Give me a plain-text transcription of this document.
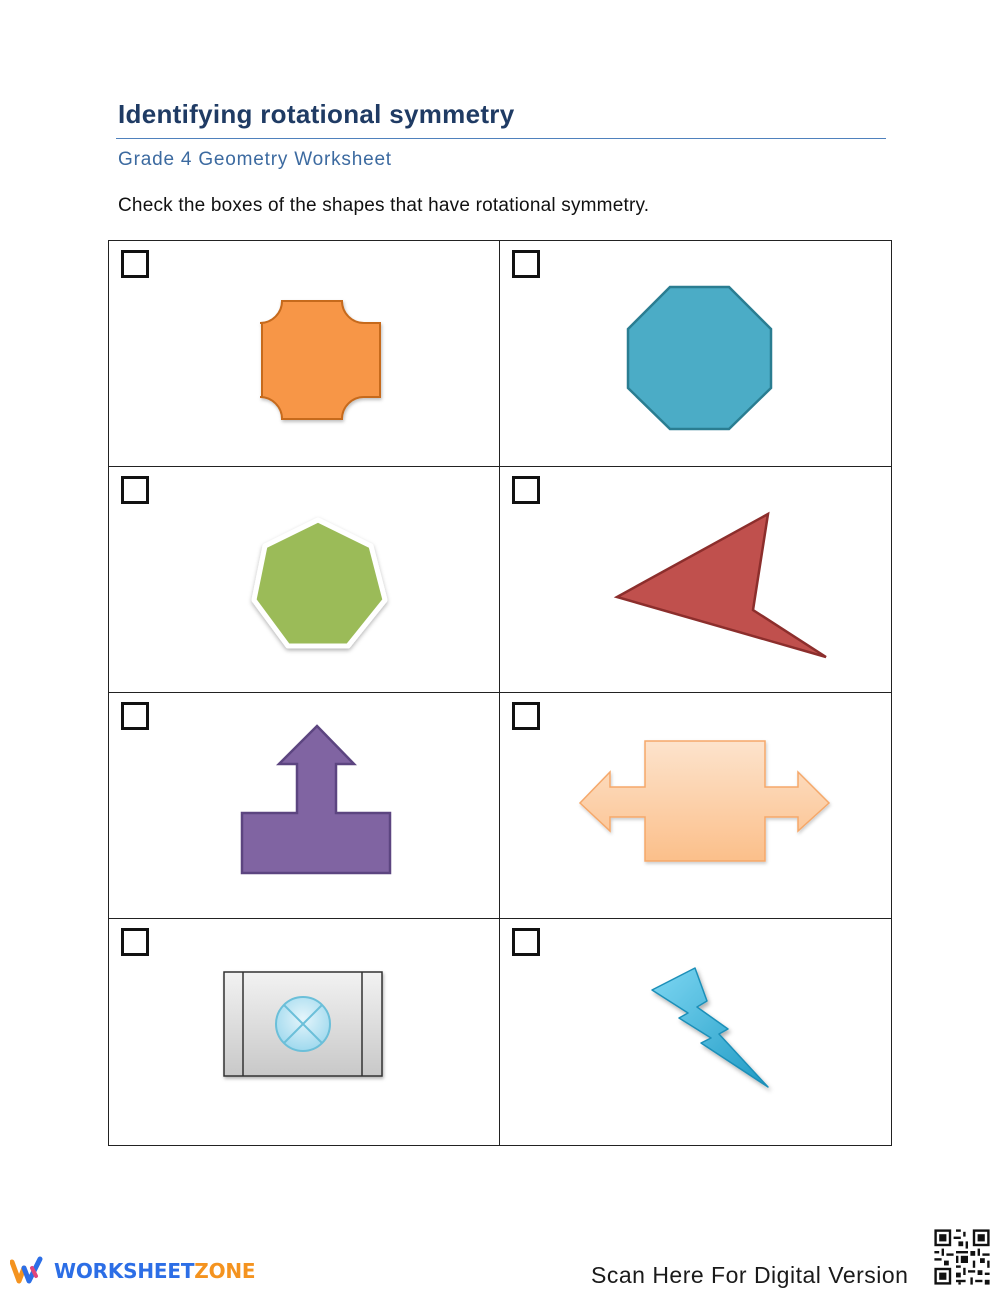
Identifying rotational symmetry
Grade 4 Geometry Worksheet
Check the boxes of the shapes that have rotational symmetry.
WORKSHEETZONE	Scan Here For Digital Version
